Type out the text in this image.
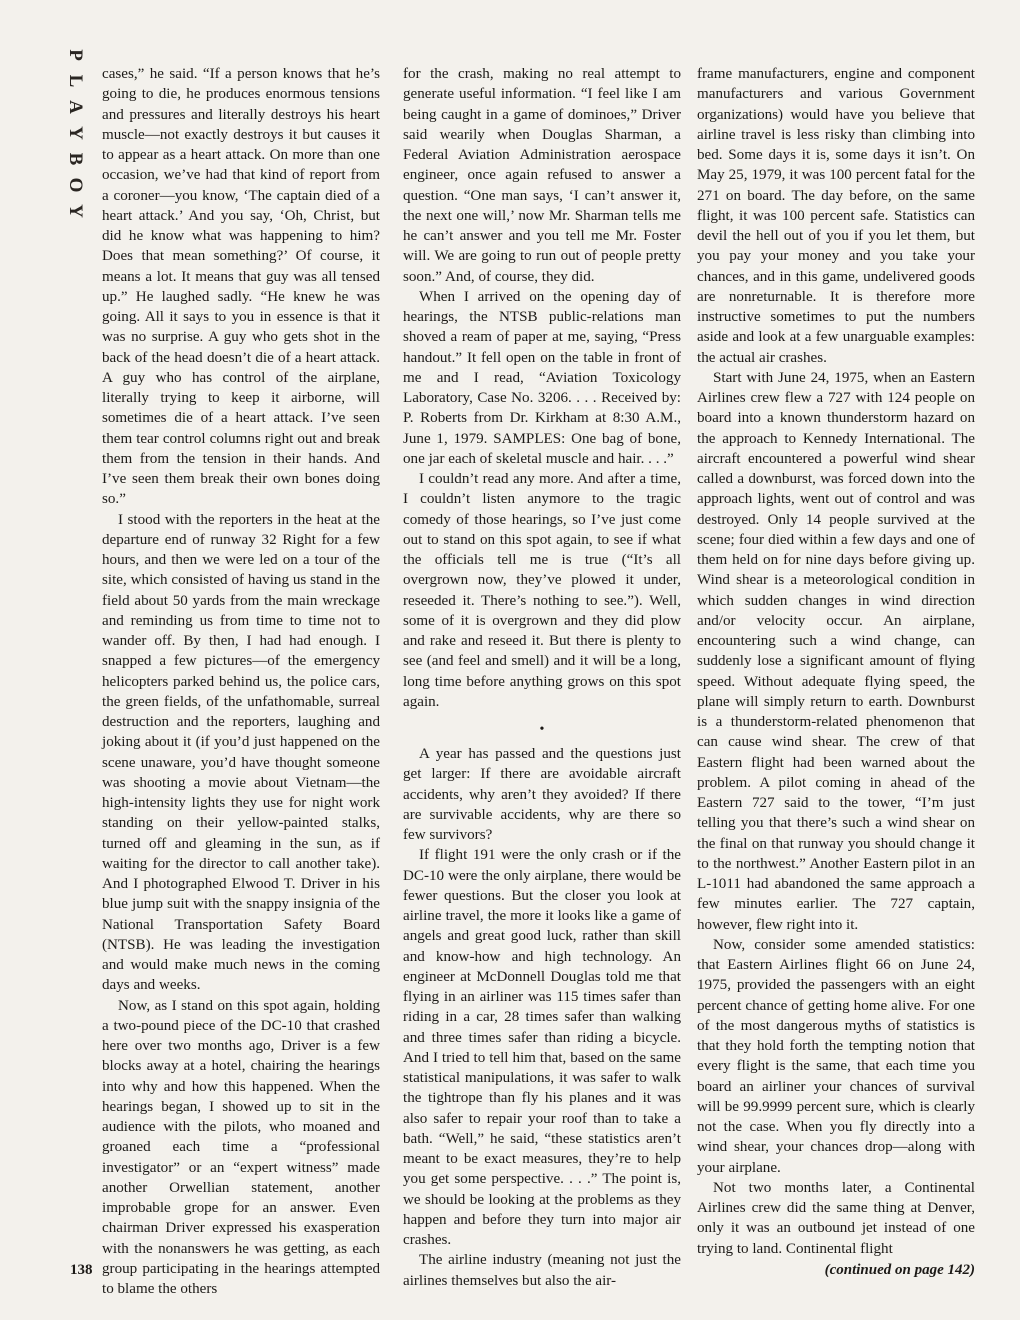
P
L
A
Y
B
O
Y

cases,” he said. “If a person knows that he’s going to die, he produces enormous tensions and pressures and literally destroys his heart muscle—not exactly destroys it but causes it to appear as a heart attack. On more than one occasion, we’ve had that kind of report from a coroner—you know, ‘The captain died of a heart attack.’ And you say, ‘Oh, Christ, but did he know what was happening to him? Does that mean something?’ Of course, it means a lot. It means that guy was all tensed up.” He laughed sadly. “He knew he was going. All it says to you in essence is that it was no surprise. A guy who gets shot in the back of the head doesn’t die of a heart attack. A guy who has control of the airplane, literally trying to keep it airborne, will sometimes die of a heart attack. I’ve seen them tear control columns right out and break them from the tension in their hands. And I’ve seen them break their own bones doing so.”

I stood with the reporters in the heat at the departure end of runway 32 Right for a few hours, and then we were led on a tour of the site, which consisted of having us stand in the field about 50 yards from the main wreckage and reminding us from time to time not to wander off. By then, I had had enough. I snapped a few pictures—of the emergency helicopters parked behind us, the police cars, the green fields, of the unfathomable, surreal destruction and the reporters, laughing and joking about it (if you’d just happened on the scene unaware, you’d have thought someone was shooting a movie about Vietnam—the high-intensity lights they use for night work standing on their yellow-painted stalks, turned off and gleaming in the sun, as if waiting for the director to call another take). And I photographed Elwood T. Driver in his blue jump suit with the snappy insignia of the National Transportation Safety Board (NTSB). He was leading the investigation and would make much news in the coming days and weeks.

Now, as I stand on this spot again, holding a two-pound piece of the DC-10 that crashed here over two months ago, Driver is a few blocks away at a hotel, chairing the hearings into why and how this happened. When the hearings began, I showed up to sit in the audience with the pilots, who moaned and groaned each time a “professional investigator” or an “expert witness” made another Orwellian statement, another improbable grope for an answer. Even chairman Driver expressed his exasperation with the nonanswers he was getting, as each group participating in the hearings attempted to blame the others

for the crash, making no real attempt to generate useful information. “I feel like I am being caught in a game of dominoes,” Driver said wearily when Douglas Sharman, a Federal Aviation Administration aerospace engineer, once again refused to answer a question. “One man says, ‘I can’t answer it, the next one will,’ now Mr. Sharman tells me he can’t answer and you tell me Mr. Foster will. We are going to run out of people pretty soon.” And, of course, they did.

When I arrived on the opening day of hearings, the NTSB public-relations man shoved a ream of paper at me, saying, “Press handout.” It fell open on the table in front of me and I read, “Aviation Toxicology Laboratory, Case No. 3206. . . . Received by: P. Roberts from Dr. Kirkham at 8:30 A.M., June 1, 1979. SAMPLES: One bag of bone, one jar each of skeletal muscle and hair. . . .”

I couldn’t read any more. And after a time, I couldn’t listen anymore to the tragic comedy of those hearings, so I’ve just come out to stand on this spot again, to see if what the officials tell me is true (“It’s all overgrown now, they’ve plowed it under, reseeded it. There’s nothing to see.”). Well, some of it is overgrown and they did plow and rake and reseed it. But there is plenty to see (and feel and smell) and it will be a long, long time before anything grows on this spot again.

•

A year has passed and the questions just get larger: If there are avoidable aircraft accidents, why aren’t they avoided? If there are survivable accidents, why are there so few survivors?

If flight 191 were the only crash or if the DC-10 were the only airplane, there would be fewer questions. But the closer you look at airline travel, the more it looks like a game of angels and great good luck, rather than skill and know-how and high technology. An engineer at McDonnell Douglas told me that flying in an airliner was 115 times safer than riding in a car, 28 times safer than walking and three times safer than riding a bicycle. And I tried to tell him that, based on the same statistical manipulations, it was safer to walk the tightrope than fly his planes and it was also safer to repair your roof than to take a bath. “Well,” he said, “these statistics aren’t meant to be exact measures, they’re to help you get some perspective. . . .” The point is, we should be looking at the problems as they happen and before they turn into major air crashes.

The airline industry (meaning not just the airlines themselves but also the air-

frame manufacturers, engine and component manufacturers and various Government organizations) would have you believe that airline travel is less risky than climbing into bed. Some days it is, some days it isn’t. On May 25, 1979, it was 100 percent fatal for the 271 on board. The day before, on the same flight, it was 100 percent safe. Statistics can devil the hell out of you if you let them, but you pay your money and you take your chances, and in this game, undelivered goods are nonreturnable. It is therefore more instructive sometimes to put the numbers aside and look at a few unarguable examples: the actual air crashes.

Start with June 24, 1975, when an Eastern Airlines crew flew a 727 with 124 people on board into a known thunderstorm hazard on the approach to Kennedy International. The aircraft encountered a powerful wind shear called a downburst, was forced down into the approach lights, went out of control and was destroyed. Only 14 people survived at the scene; four died within a few days and one of them held on for nine days before giving up. Wind shear is a meteorological condition in which sudden changes in wind direction and/or velocity occur. An airplane, encountering such a wind change, can suddenly lose a significant amount of flying speed. Without adequate flying speed, the plane will simply return to earth. Downburst is a thunderstorm-related phenomenon that can cause wind shear. The crew of that Eastern flight had been warned about the problem. A pilot coming in ahead of the Eastern 727 said to the tower, “I’m just telling you that there’s such a wind shear on the final on that runway you should change it to the northwest.” Another Eastern pilot in an L-1011 had abandoned the same approach a few minutes earlier. The 727 captain, however, flew right into it.

Now, consider some amended statistics: that Eastern Airlines flight 66 on June 24, 1975, provided the passengers with an eight percent chance of getting home alive. For one of the most dangerous myths of statistics is that they hold forth the tempting notion that every flight is the same, that each time you board an airliner your chances of survival will be 99.9999 percent sure, which is clearly not the case. When you fly directly into a wind shear, your chances drop—along with your airplane.

Not two months later, a Continental Airlines crew did the same thing at Denver, only it was an outbound jet instead of one trying to land. Continental flight

138	(continued on page 142)
